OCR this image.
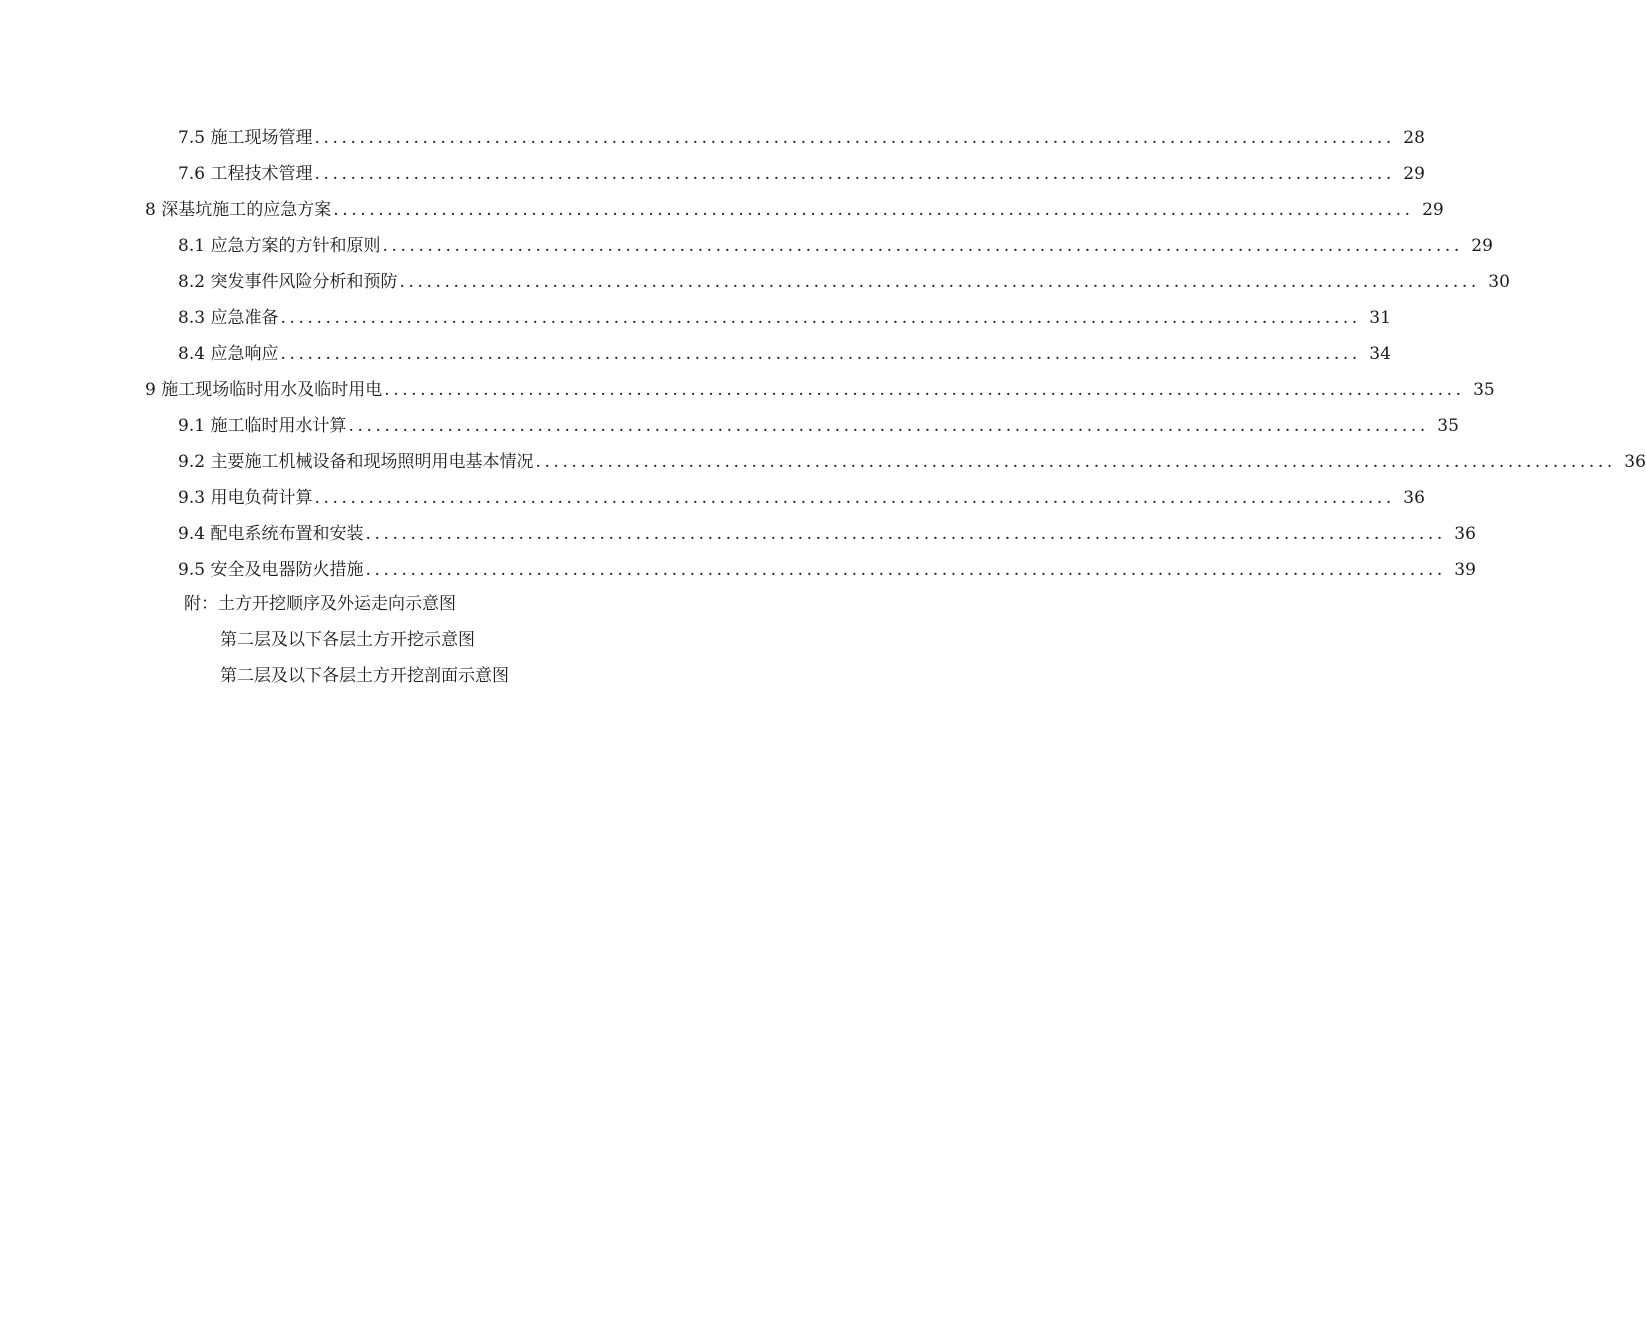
7.5 施工现场管理 ........................................................................................................................ 28
7.6 工程技术管理 ........................................................................................................................ 29
8 深基坑施工的应急方案 ........................................................................................................................ 29
8.1 应急方案的方针和原则 ........................................................................................................................ 29
8.2 突发事件风险分析和预防 ........................................................................................................................ 30
8.3 应急准备 ........................................................................................................................ 31
8.4 应急响应 ........................................................................................................................ 34
9 施工现场临时用水及临时用电 ........................................................................................................................ 35
9.1 施工临时用水计算 ........................................................................................................................ 35
9.2 主要施工机械设备和现场照明用电基本情况 ........................................................................................................................ 36
9.3 用电负荷计算 ........................................................................................................................ 36
9.4 配电系统布置和安装 ........................................................................................................................ 36
9.5 安全及电器防火措施 ........................................................................................................................ 39
附：土方开挖顺序及外运走向示意图
第二层及以下各层土方开挖示意图
第二层及以下各层土方开挖剖面示意图
